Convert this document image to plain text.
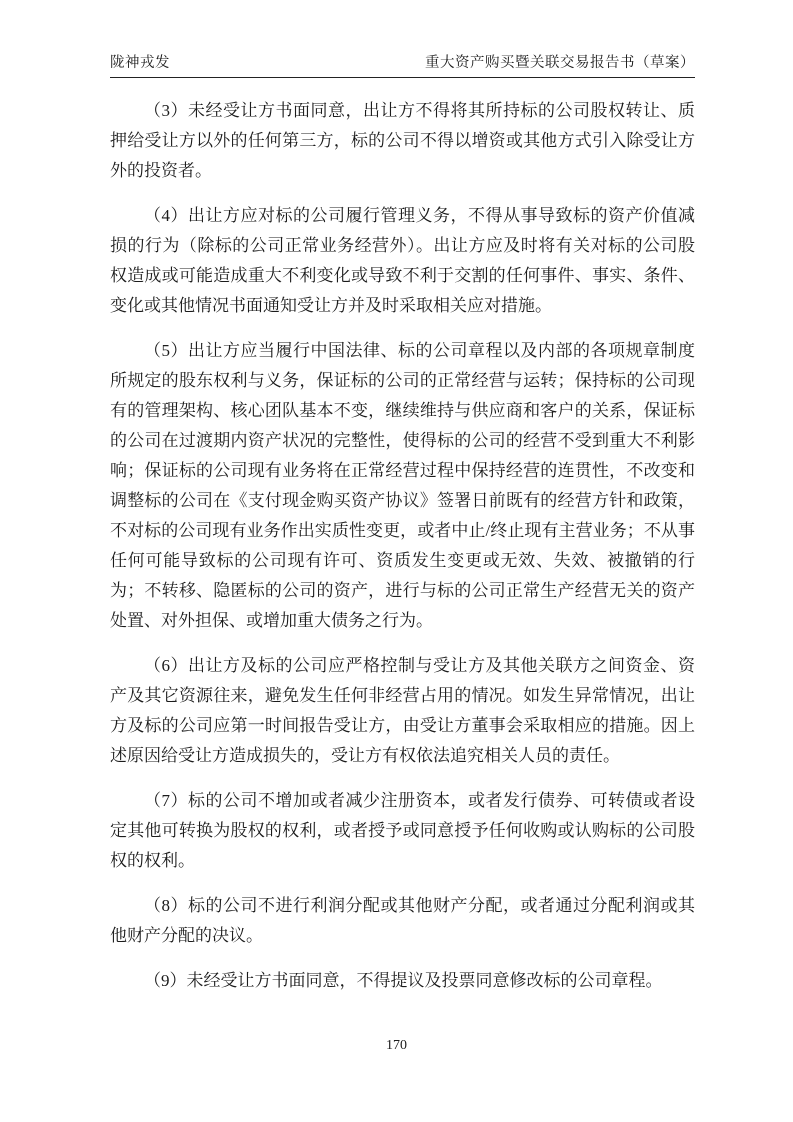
陇神戎发	重大资产购买暨关联交易报告书（草案）

（3）未经受让方书面同意，出让方不得将其所持标的公司股权转让、质押给受让方以外的任何第三方，标的公司不得以增资或其他方式引入除受让方外的投资者。

（4）出让方应对标的公司履行管理义务，不得从事导致标的资产价值减损的行为（除标的公司正常业务经营外）。出让方应及时将有关对标的公司股权造成或可能造成重大不利变化或导致不利于交割的任何事件、事实、条件、变化或其他情况书面通知受让方并及时采取相关应对措施。

（5）出让方应当履行中国法律、标的公司章程以及内部的各项规章制度所规定的股东权利与义务，保证标的公司的正常经营与运转；保持标的公司现有的管理架构、核心团队基本不变，继续维持与供应商和客户的关系，保证标的公司在过渡期内资产状况的完整性，使得标的公司的经营不受到重大不利影响；保证标的公司现有业务将在正常经营过程中保持经营的连贯性，不改变和调整标的公司在《支付现金购买资产协议》签署日前既有的经营方针和政策，不对标的公司现有业务作出实质性变更，或者中止/终止现有主营业务；不从事任何可能导致标的公司现有许可、资质发生变更或无效、失效、被撤销的行为；不转移、隐匿标的公司的资产，进行与标的公司正常生产经营无关的资产处置、对外担保、或增加重大债务之行为。

（6）出让方及标的公司应严格控制与受让方及其他关联方之间资金、资产及其它资源往来，避免发生任何非经营占用的情况。如发生异常情况，出让方及标的公司应第一时间报告受让方，由受让方董事会采取相应的措施。因上述原因给受让方造成损失的，受让方有权依法追究相关人员的责任。

（7）标的公司不增加或者减少注册资本，或者发行债券、可转债或者设定其他可转换为股权的权利，或者授予或同意授予任何收购或认购标的公司股权的权利。

（8）标的公司不进行利润分配或其他财产分配，或者通过分配利润或其他财产分配的决议。

（9）未经受让方书面同意，不得提议及投票同意修改标的公司章程。

170
